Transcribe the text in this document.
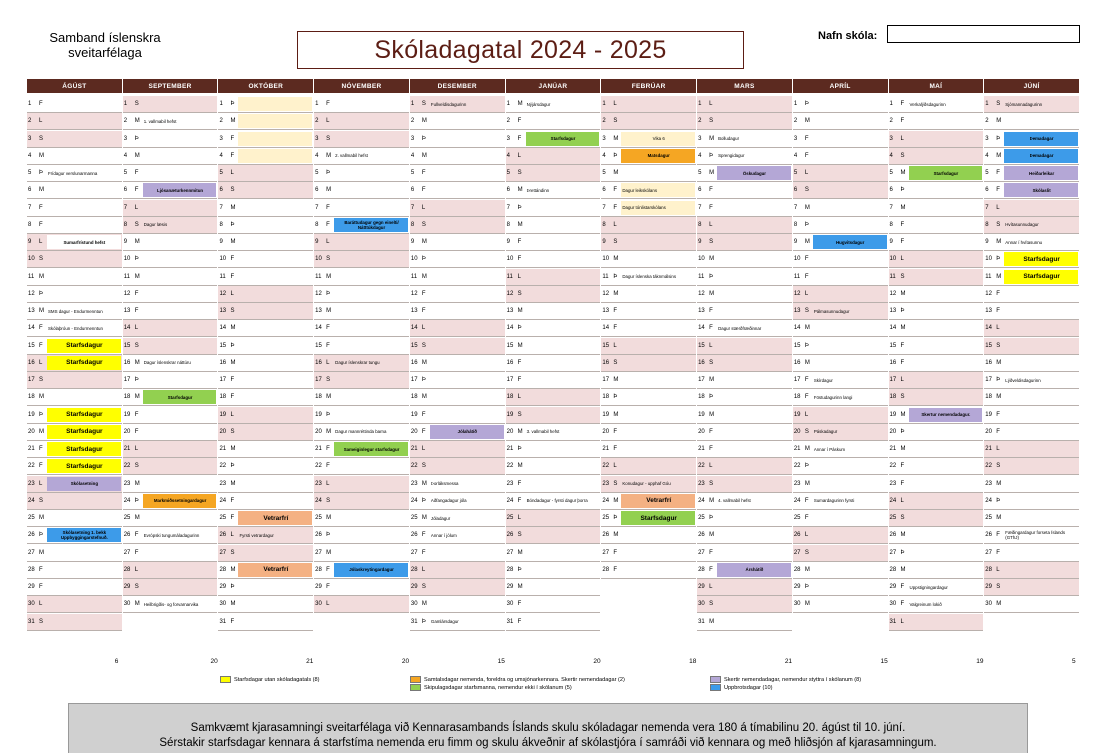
Samband íslenskra sveitarfélaga	Skóladagatal 2024 - 2025	Nafn skóla:
ÁGÚST
1	F
2	L
3	S
4	M
5	Þ	Frídagur verslunarmanna
6	M
7	F
8	F
9	L	Sumarfrístund hefst
10 S
11 M
12 Þ
13 M SMS dagur - Endurmenntun
14 F	Skólaþróun - Endurmenntun
15 F	Starfsdagur
16 L	Starfsdagur
17 S
18 M
19 Þ	Starfsdagur
20 M	Starfsdagur
21 F	Starfsdagur
22 F	Starfsdagur
23 L	Skólasetning
24 S
25 M
26 Þ	Skólasetning 1. bekk Uppbyggingarstefnuð.
27 M
28 F
29 F
30 L
31 S
6
SEPTEMBER
1	S
2	M 1. vallmabil hefst
3	Þ
4	M
5	F
6	F	Ljósanæturkennmitun
7	L
8	S	Dagur læsis
9	M
10 Þ
11 M
12 F
13 F
14 L
15 S
16 M Dagur íslenskrar náttúru
17 Þ
18 M	Starfsdagur
19 F
20 F
21 L
22 S
23 M
24 Þ	Markmiðssetningardagur
25 M
26 F	Evrópski tungumáladagurinn
27 F
28 L
29 S
30 M Heilbrigðis- og forvarnarvika
20
OKTÓBER
1	Þ
2	M
3	F
4	F
5	L
6	S
7	M
8	Þ
9	M
10 F
11 F
12 L
13 S
14 M
15 Þ
16 M
17 F
18 F
19 L
20 S
21 M
22 Þ
23 M
24 F
25 F	Vetrarfrí
26 L	Fyrsti vetrardagur
27 S
28 M	Vetrarfrí
29 Þ
30 M
31 F
21
NÓVEMBER
1	F
2	L
3	S
4	M 2. vallmabil hefst
5	Þ
6	M
7	F
8	F	Baráttudagur gegn einelti/ Nátttúkdagur
9	L
10 S
11 M
12 Þ
13 M
14 F
15 F
16 L	Dagur íslenskrar tungu
17 S
18 M
19 Þ
20 M Dagur mannréttinda barna
21 F	Sameiginlegur starfsdagur
22 F
23 L
24 S
25 M
26 Þ
27 M
28 F	Jólaskreytingardagur
29 F
30 L
20
DESEMBER
1	S	Fullveldisdagurinn
2	M
3	Þ
4	M
5	F
6	F
7	L
8	S
9	M
10 Þ
11 M
12 F
13 F
14 L
15 S
16 M
17 Þ
18 M
19 F
20 F	Jólahátíð
21 L
22 S
23 M Þorláksmessa
24 Þ	Aðfangadagur jóla
25 M Jóladagur
26 F	Annar í jólum
27 F
28 L
29 S
30 M
31 Þ	Gamlársdagur
15
JANÚAR
1	M Nýjársdagur
2	F
3	F	Starfsdagur
4	L
5	S
6	M Þrettándinn
7	Þ
8	M
9	F
10 F
11 L
12 S
13 M
14 Þ
15 M
16 F
17 F
18 L
19 S
20 M 3. vallmabil hefst
21 Þ
22 M
23 F
24 F	Bóndadagur - fyrsti dagur þorra
25 L
26 S
27 M
28 Þ
29 M
30 F
31 F
20
FEBRÚAR
1	L
2	S
3	M	Vika 6
4	Þ	Matsdagur
5	M
6	F	Dagur leikskólans
7	F	Dagur tónlistarskólans
8	L
9	S
10 M
11 Þ	Dagur íslenska táknmálsins
12 M
13 F
14 F
15 L
16 S
17 M
18 Þ
19 M
20 F
21 F
22 L
23 S	Konudagur - upphaf Góu
24 M	Vetrarfrí
25 Þ	Starfsdagur
26 M
27 F
28 F
18
MARS
1	L
2	S
3	M Bolludagur
4	Þ	Sprengidagur
5	M	Öskudagur
6	F
7	F
8	L
9	S
10 M
11 Þ
12 M
13 F
14 F	Dagur stærðfræðinnar
15 L
16 S
17 M
18 Þ
19 M
20 F
21 F
22 L
23 S
24 M 4. vallmabil hefst
25 Þ
26 M
27 F
28 F	Árshátíð
29 L
30 S
31 M
21
APRÍL
1	Þ
2	M
3	F
4	F
5	L
6	S
7	M
8	Þ
9	M	Hugvitsdagur
10 F
11 F
12 L
13 S	Pálmasunnudagur
14 M
15 Þ
16 M
17 F	Skírdagur
18 F	Föstudagurinn langi
19 L
20 S	Páskadagur
21 M Annar í Páskum
22 Þ
23 M
24 F	Sumardagurinn fyrsti
25 F
26 L
27 S
28 M
29 Þ
30 M
15
MAÍ
1	F	Verkalýðsdagurinn
2	F
3	L
4	S
5	M	Starfsdagur
6	Þ
7	M
8	F
9	F
10 L
11 S
12 M
13 Þ
14 M
15 F
16 F
17 L
18 S
19 M	Skertur nemendadagur.
20 Þ
21 M
22 F
23 F
24 L
25 S
26 M
27 Þ
28 M
29 F	Uppstigningardagur
30 F	Valgreinum lokið
31 L
19
JÚNÍ
1	S	Sjómannadagurinn
2	M
3	Þ	Þemadagar
4	M	Þemadagar
5	F	Heiðarleikar
6	F	Skólaslit
7	L
8	S	Hvítasunnudagur
9	M Annar í hvítasunnu
10 Þ	Starfsdagur
11 M	Starfsdagur
12 F
13 F
14 L
15 S
16 M
17 Þ	Lýðveldisdagurinn
18 M
19 F
20 F
21 L
22 S
23 M
24 Þ
25 M
26 F	Fæðingardagur forseta Íslands (GThJ)
27 F
28 L
29 S
30 M
5
Starfsdagar utan skóladagatals (8)	Samtalsdagar nemenda, foreldra og umsjónarkennara. Skertir nemendadagar (2)
Skipulagsdagar starfsmanna, nemendur ekki í skólanum (5)
Skertir nemendadagar, nemendur styttra í skólanum (8)
Uppbrotsdagar (10)
Samkvæmt kjarasamningi sveitarfélaga við Kennarasambands Íslands skulu skóladagar nemenda vera 180 á tímabilinu 20. ágúst til 10. júní.
Sérstakir starfsdagar kennara á starfstíma nemenda eru fimm og skulu ákveðnir af skólastjóra í samráði við kennara og með hliðsjón af kjarasamningum.
